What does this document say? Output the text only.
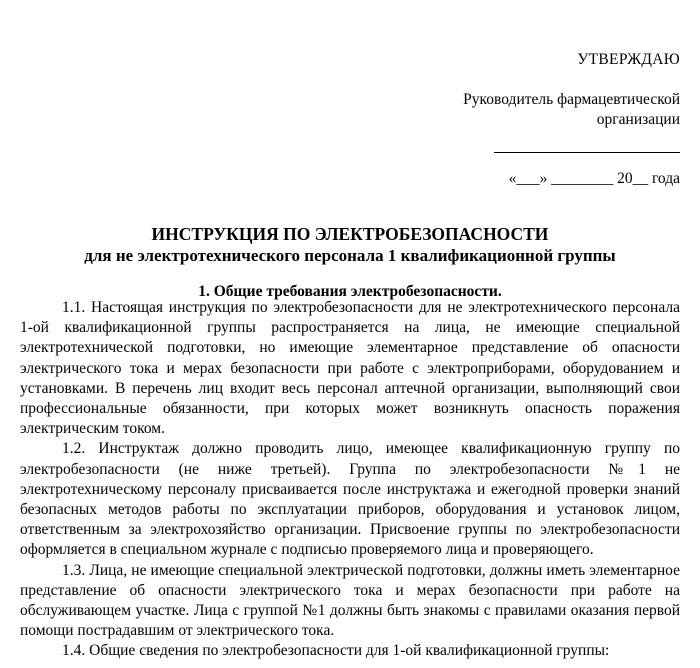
УТВЕРЖДАЮ
Руководитель фармацевтической
организации
«___» ________ 20__ года
ИНСТРУКЦИЯ ПО ЭЛЕКТРОБЕЗОПАСНОСТИ
для не электротехнического персонала 1 квалификационной группы
1. Общие требования электробезопасности.

1.1. Настоящая инструкция по электробезопасности для не электротехнического персонала 1-ой квалификационной группы распространяется на лица, не имеющие специальной электротехнической подготовки, но имеющие элементарное представление об опасности электрического тока и мерах безопасности при работе с электроприборами, оборудованием и установками. В перечень лиц входит весь персонал аптечной организации, выполняющий свои профессиональные обязанности, при которых может возникнуть опасность поражения электрическим током.

1.2. Инструктаж должно проводить лицо, имеющее квалификационную группу по электробезопасности (не ниже третьей). Группа по электробезопасности №1 не электротехническому персоналу присваивается после инструктажа и ежегодной проверки знаний безопасных методов работы по эксплуатации приборов, оборудования и установок лицом, ответственным за электрохозяйство организации. Присвоение группы по электробезопасности оформляется в специальном журнале с подписью проверяемого лица и проверяющего.

1.3. Лица, не имеющие специальной электрической подготовки, должны иметь элементарное представление об опасности электрического тока и мерах безопасности при работе на обслуживающем участке. Лица с группой №1 должны быть знакомы с правилами оказания первой помощи пострадавшим от электрического тока.

1.4. Общие сведения по электробезопасности для 1-ой квалификационной группы:
